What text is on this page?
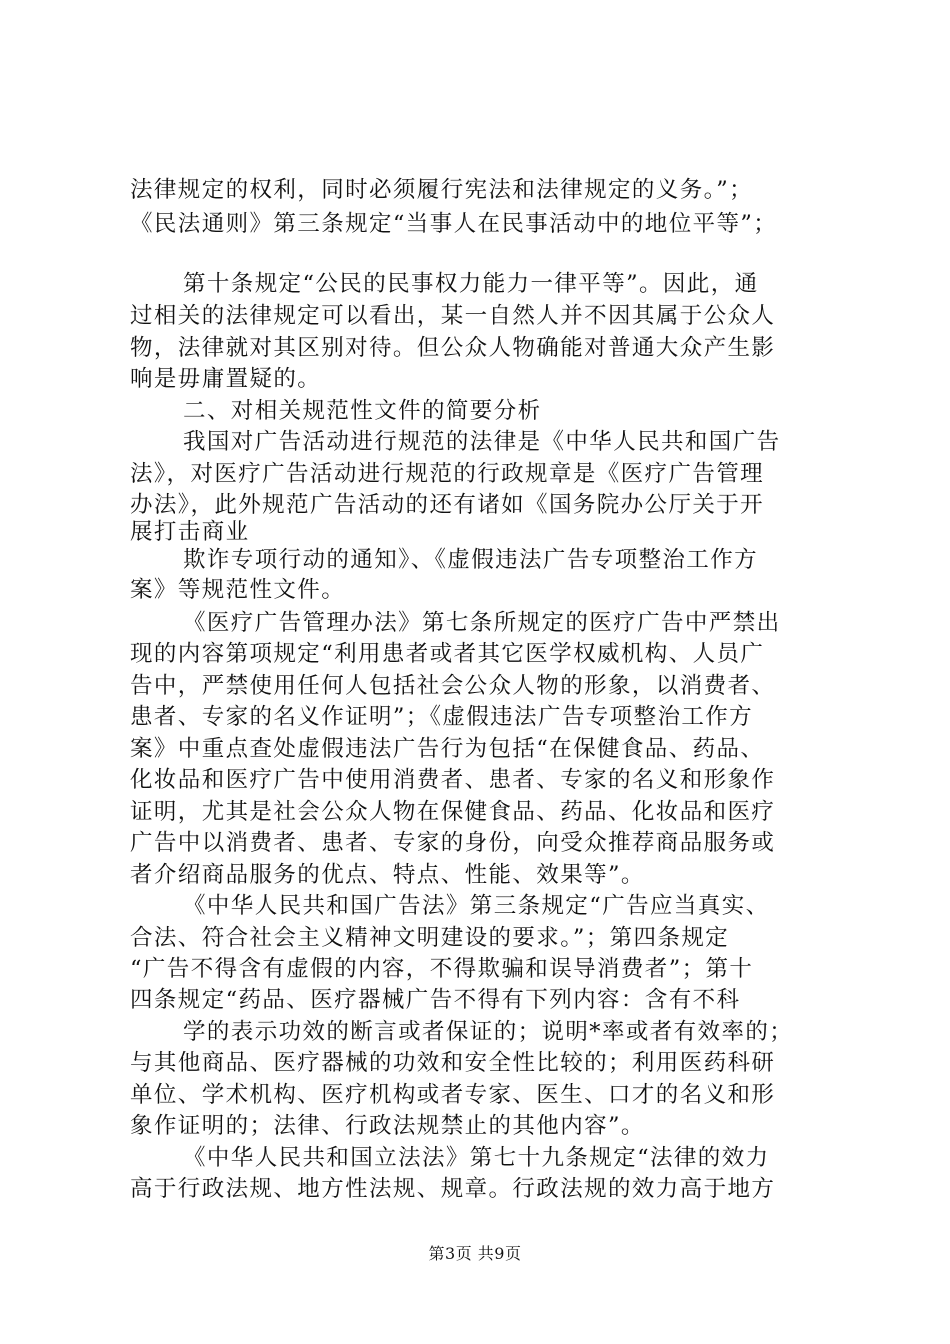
法律规定的权利，同时必须履行宪法和法律规定的义务。”；
《民法通则》第三条规定“当事人在民事活动中的地位平等”；
第十条规定“公民的民事权力能力一律平等”。因此，通
过相关的法律规定可以看出，某一自然人并不因其属于公众人
物，法律就对其区别对待。但公众人物确能对普通大众产生影
响是毋庸置疑的。
二、对相关规范性文件的简要分析
我国对广告活动进行规范的法律是《中华人民共和国广告
法》，对医疗广告活动进行规范的行政规章是《医疗广告管理
办法》，此外规范广告活动的还有诸如《国务院办公厅关于开
展打击商业
欺诈专项行动的通知》、《虚假违法广告专项整治工作方
案》等规范性文件。
《医疗广告管理办法》第七条所规定的医疗广告中严禁出
现的内容第项规定“利用患者或者其它医学权威机构、人员广
告中，严禁使用任何人包括社会公众人物的形象，以消费者、
患者、专家的名义作证明”；《虚假违法广告专项整治工作方
案》中重点查处虚假违法广告行为包括“在保健食品、药品、
化妆品和医疗广告中使用消费者、患者、专家的名义和形象作
证明，尤其是社会公众人物在保健食品、药品、化妆品和医疗
广告中以消费者、患者、专家的身份，向受众推荐商品服务或
者介绍商品服务的优点、特点、性能、效果等”。
《中华人民共和国广告法》第三条规定“广告应当真实、
合法、符合社会主义精神文明建设的要求。”；第四条规定
“广告不得含有虚假的内容，不得欺骗和误导消费者”；第十
四条规定“药品、医疗器械广告不得有下列内容：含有不科
学的表示功效的断言或者保证的；说明*率或者有效率的；
与其他商品、医疗器械的功效和安全性比较的；利用医药科研
单位、学术机构、医疗机构或者专家、医生、口才的名义和形
象作证明的；法律、行政法规禁止的其他内容”。
《中华人民共和国立法法》第七十九条规定“法律的效力
高于行政法规、地方性法规、规章。行政法规的效力高于地方
第3页 共9页
